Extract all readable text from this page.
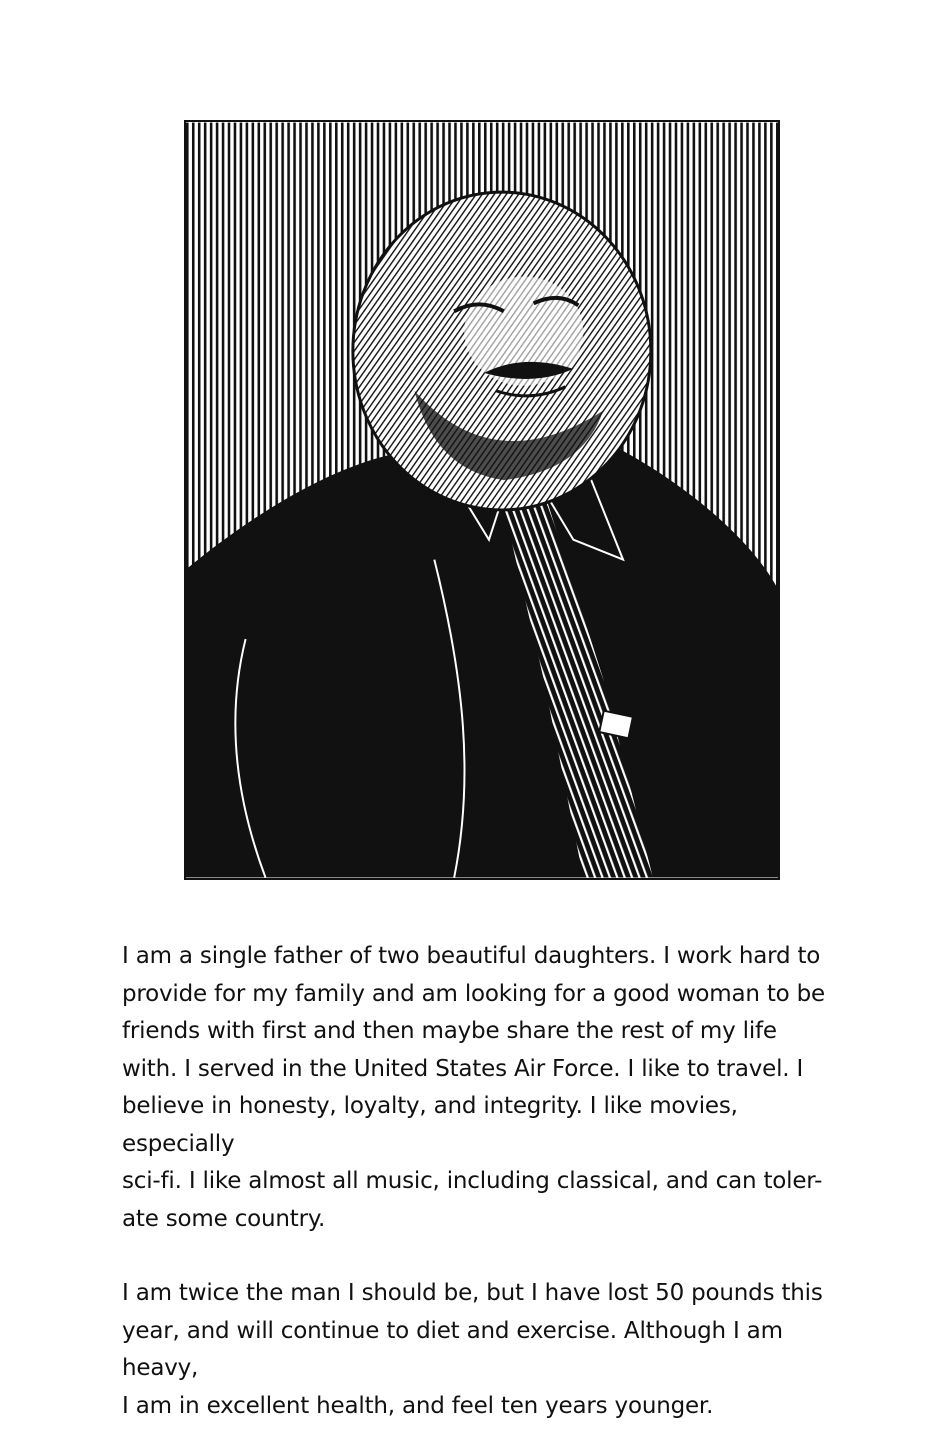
I am a single father of two beautiful daughters. I work hard to
provide for my family and am looking for a good woman to be
friends with first and then maybe share the rest of my life
with. I served in the United States Air Force. I like to travel. I
believe in honesty, loyalty, and integrity. I like movies, especially
sci-fi. I like almost all music, including classical, and can toler-
ate some country.

I am twice the man I should be, but I have lost 50 pounds this
year, and will continue to diet and exercise. Although I am heavy,
I am in excellent health, and feel ten years younger.
